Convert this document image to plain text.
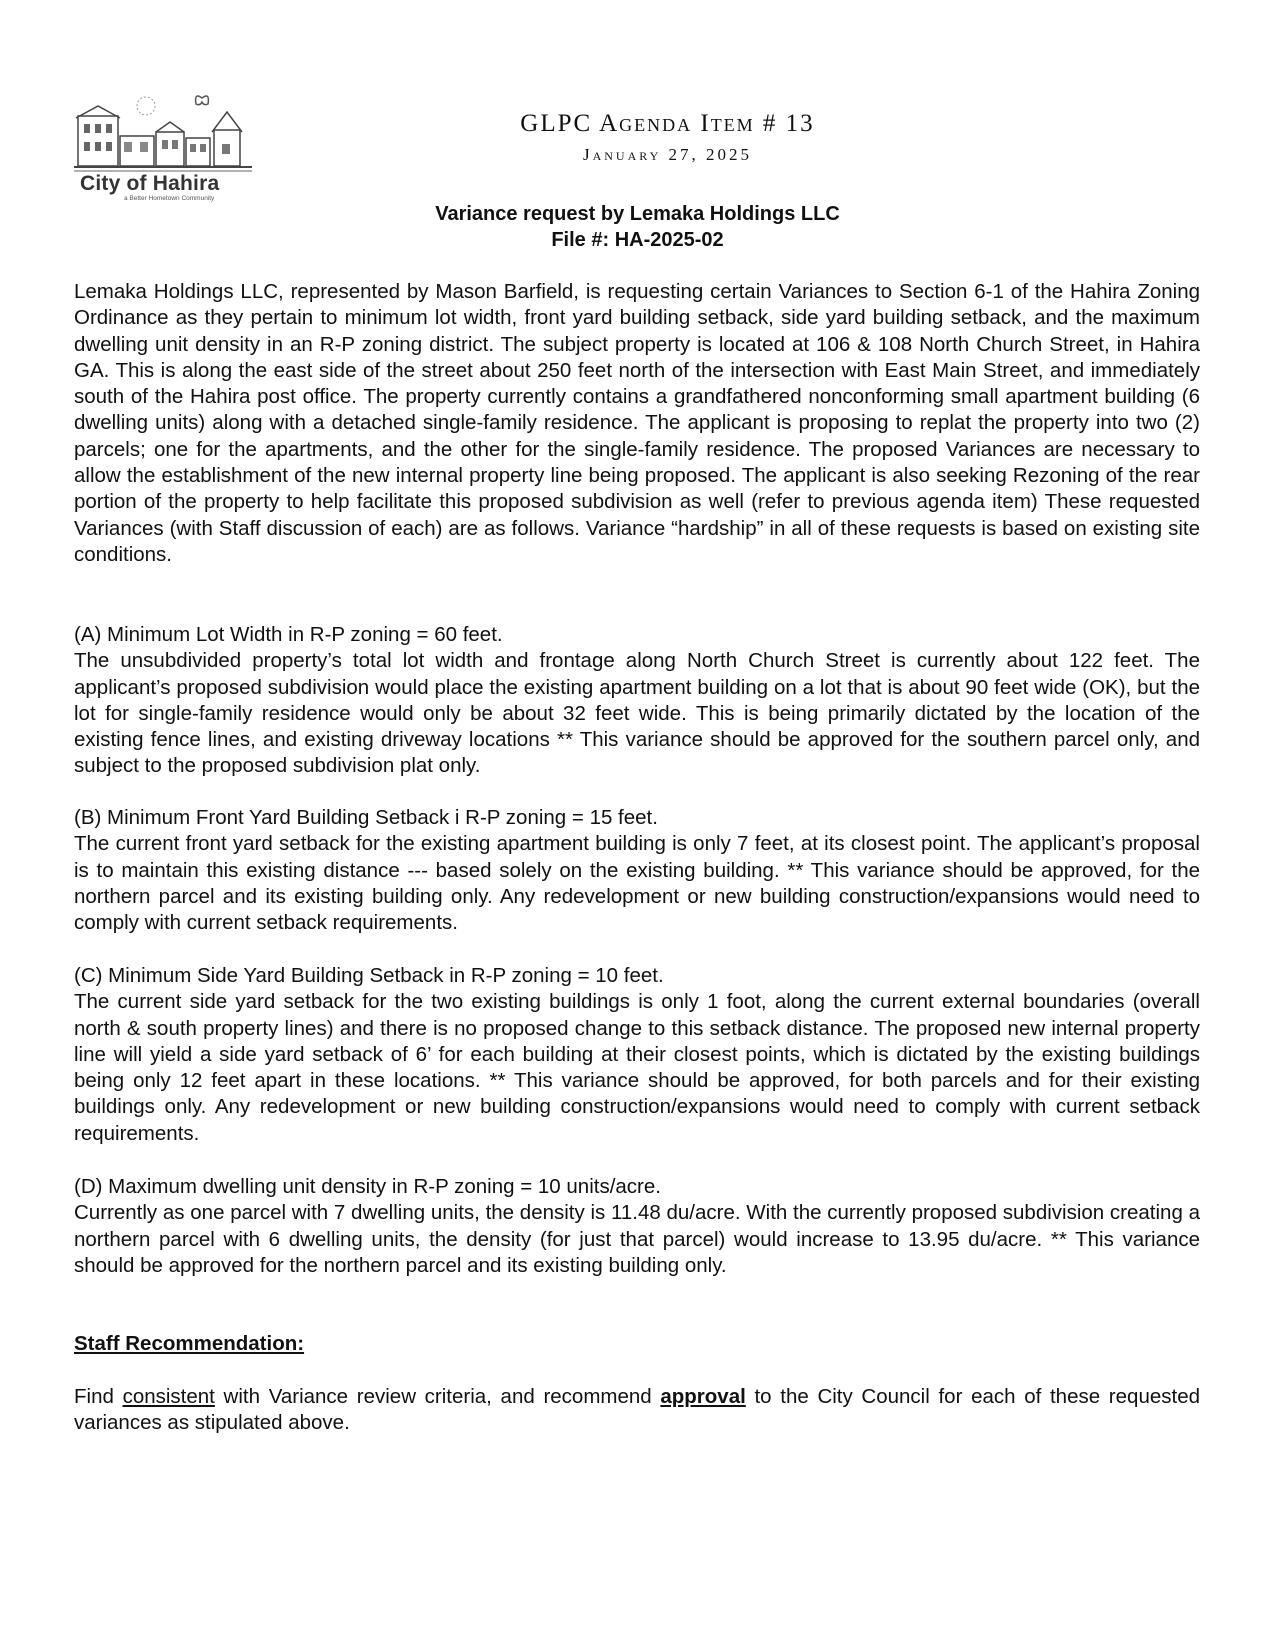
City of Hahira
a Better Hometown Community
GLPC Agenda Item # 13
January 27, 2025
Variance request by Lemaka Holdings LLC
File #: HA-2025-02
Lemaka Holdings LLC, represented by Mason Barfield, is requesting certain Variances to Section 6-1 of the Hahira Zoning Ordinance as they pertain to minimum lot width, front yard building setback, side yard building setback, and the maximum dwelling unit density in an R-P zoning district. The subject property is located at 106 & 108 North Church Street, in Hahira GA. This is along the east side of the street about 250 feet north of the intersection with East Main Street, and immediately south of the Hahira post office. The property currently contains a grandfathered nonconforming small apartment building (6 dwelling units) along with a detached single-family residence. The applicant is proposing to replat the property into two (2) parcels; one for the apartments, and the other for the single-family residence. The proposed Variances are necessary to allow the establishment of the new internal property line being proposed. The applicant is also seeking Rezoning of the rear portion of the property to help facilitate this proposed subdivision as well (refer to previous agenda item) These requested Variances (with Staff discussion of each) are as follows. Variance “hardship” in all of these requests is based on existing site conditions.
(A) Minimum Lot Width in R-P zoning = 60 feet.
The unsubdivided property’s total lot width and frontage along North Church Street is currently about 122 feet. The applicant’s proposed subdivision would place the existing apartment building on a lot that is about 90 feet wide (OK), but the lot for single-family residence would only be about 32 feet wide. This is being primarily dictated by the location of the existing fence lines, and existing driveway locations ** This variance should be approved for the southern parcel only, and subject to the proposed subdivision plat only.
(B) Minimum Front Yard Building Setback i R-P zoning = 15 feet.
The current front yard setback for the existing apartment building is only 7 feet, at its closest point. The applicant’s proposal is to maintain this existing distance --- based solely on the existing building. ** This variance should be approved, for the northern parcel and its existing building only. Any redevelopment or new building construction/expansions would need to comply with current setback requirements.
(C) Minimum Side Yard Building Setback in R-P zoning = 10 feet.
The current side yard setback for the two existing buildings is only 1 foot, along the current external boundaries (overall north & south property lines) and there is no proposed change to this setback distance. The proposed new internal property line will yield a side yard setback of 6’ for each building at their closest points, which is dictated by the existing buildings being only 12 feet apart in these locations. ** This variance should be approved, for both parcels and for their existing buildings only. Any redevelopment or new building construction/expansions would need to comply with current setback requirements.
(D) Maximum dwelling unit density in R-P zoning = 10 units/acre.
Currently as one parcel with 7 dwelling units, the density is 11.48 du/acre. With the currently proposed subdivision creating a northern parcel with 6 dwelling units, the density (for just that parcel) would increase to 13.95 du/acre. ** This variance should be approved for the northern parcel and its existing building only.
Staff Recommendation:
Find consistent with Variance review criteria, and recommend approval to the City Council for each of these requested variances as stipulated above.
